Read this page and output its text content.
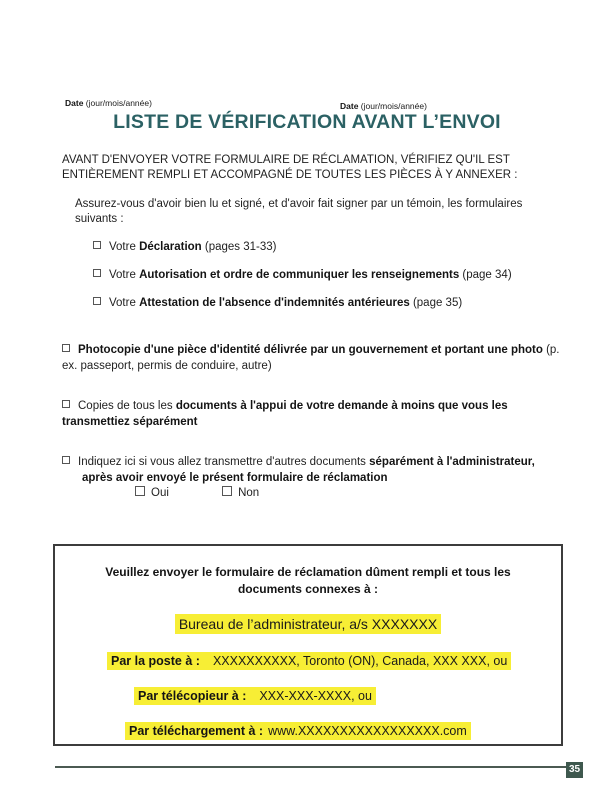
Date (jour/mois/année)	Date (jour/mois/année)
LISTE DE VÉRIFICATION AVANT L’ENVOI
AVANT D'ENVOYER VOTRE FORMULAIRE DE RÉCLAMATION, VÉRIFIEZ QU'IL EST ENTIÈREMENT REMPLI ET ACCOMPAGNÉ DE TOUTES LES PIÈCES À Y ANNEXER :
Assurez-vous d'avoir bien lu et signé, et d'avoir fait signer par un témoin, les formulaires suivants :
Votre Déclaration (pages 31-33)
Votre Autorisation et ordre de communiquer les renseignements (page 34)
Votre Attestation de l'absence d'indemnités antérieures (page 35)
Photocopie d'une pièce d'identité délivrée par un gouvernement et portant une photo (p. ex. passeport, permis de conduire, autre)
Copies de tous les documents à l'appui de votre demande à moins que vous les transmettiez séparément
Indiquez ici si vous allez transmettre d'autres documents séparément à l'administrateur, après avoir envoyé le présent formulaire de réclamation
Oui	Non
Veuillez envoyer le formulaire de réclamation dûment rempli et tous les documents connexes à :
Bureau de l’administrateur, a/s XXXXXXX
Par la poste à : XXXXXXXXXX, Toronto (ON), Canada, XXX XXX, ou
Par télécopieur à : XXX-XXX-XXXX, ou
Par téléchargement à : www.XXXXXXXXXXXXXXXXX.com
35
